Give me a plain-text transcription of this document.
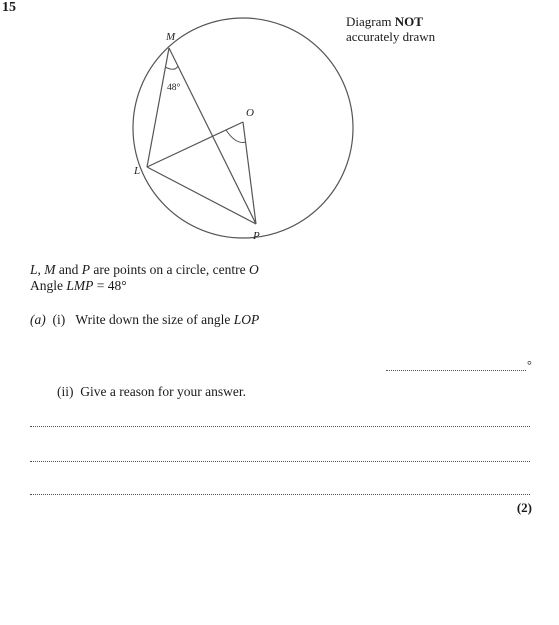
15
M
O
L
P
48°
Diagram NOT
accurately drawn
L, M and P are points on a circle, centre O
Angle LMP = 48°
(a) (i) Write down the size of angle LOP
°
(ii) Give a reason for your answer.
(2)
